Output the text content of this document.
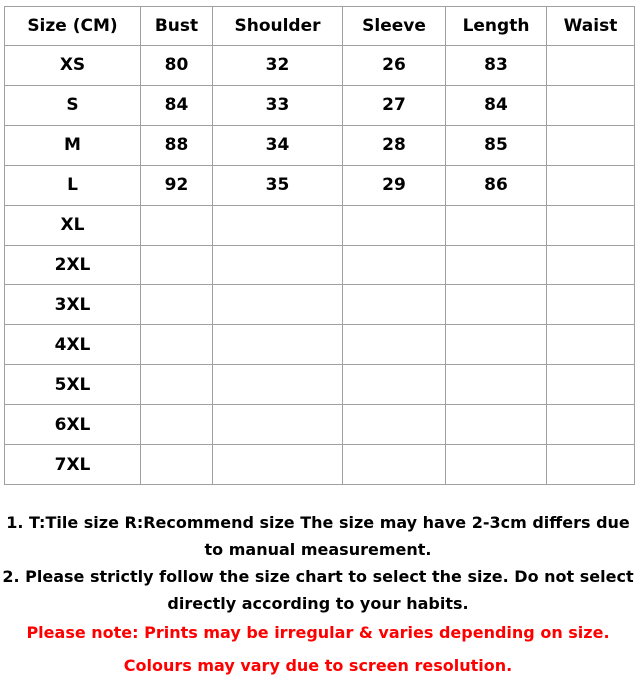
Size (CM)	Bust	Shoulder	Sleeve	Length	Waist
XS	80	32	26	83	
S	84	33	27	84	
M	88	34	28	85	
L	92	35	29	86	
XL					
2XL					
3XL					
4XL					
5XL					
6XL					
7XL					

1. T:Tile size R:Recommend size The size may have 2-3cm differs due

to manual measurement.

2. Please strictly follow the size chart to select the size. Do not select

directly according to your habits.

Please note: Prints may be irregular & varies depending on size.

Colours may vary due to screen resolution.
